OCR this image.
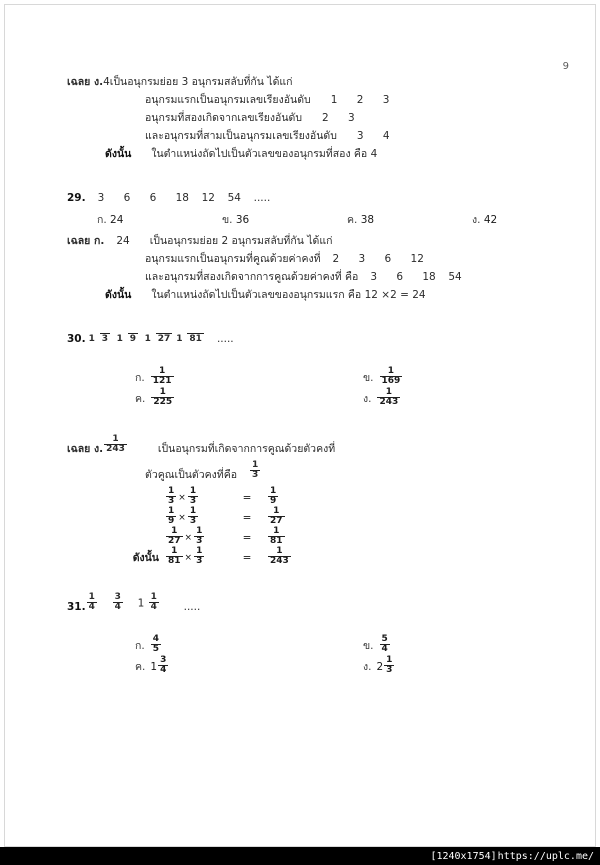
9
เฉลย ง. 4 เป็นอนุกรมย่อย 3 อนุกรมสลับที่กัน ได้แก่
อนุกรมแรกเป็นอนุกรมเลขเรียงอันดับ 1	2	3
อนุกรมที่สองเกิดจากเลขเรียงอันดับ 2	3
และอนุกรมที่สามเป็นอนุกรมเลขเรียงอันดับ 3	4
ดังนั้น ในตำแหน่งถัดไปเป็นตัวเลขของอนุกรมที่สอง คือ 4
29. 3	6	6	18	12	54	.....
ก. 24	ข. 36	ค. 38	ง. 42
เฉลย ก. 24 เป็นอนุกรมย่อย 2 อนุกรมสลับที่กัน ได้แก่
อนุกรมแรกเป็นอนุกรมที่คูณด้วยค่าคงที่ 2	3	6	12
และอนุกรมที่สองเกิดจากการคูณด้วยค่าคงที่ คือ 3	6	18	54
ดังนั้น ในตำแหน่งถัดไปเป็นตัวเลขของอนุกรมแรก คือ 12 ×2 = 24
30. 1 3 1 9 1 27 1 81 .....
ก. $\frac{1}{121}$	ข. $\frac{1}{169}$
ค. $\frac{1}{225}$	ง. $\frac{1}{243}$
เฉลย ง. $\frac{1}{243}$	เป็นอนุกรมที่เกิดจากการคูณด้วยตัวคงที่
ตัวคูณเป็นตัวคงที่คือ $\frac{1}{3}$

$\frac{1}{3} \times \frac{1}{3}$	=	$\frac{1}{9}$

$\frac{1}{9} \times \frac{1}{3}$	=	$\frac{1}{27}$

$\frac{1}{27} \times \frac{1}{3}$	=	$\frac{1}{81}$
ดังนั้น $\frac{1}{81} \times \frac{1}{3}$	=	$\frac{1}{243}$
31. $\frac{1}{4} \frac{3}{4} 1 \frac{1}{4}$ .....
ก. $\frac{4}{5}$	ข. $\frac{5}{4}$
ค. $1 \frac{3}{4}$	ง. $2 \frac{1}{3}$
[1240x1754] https://uplc.me/
